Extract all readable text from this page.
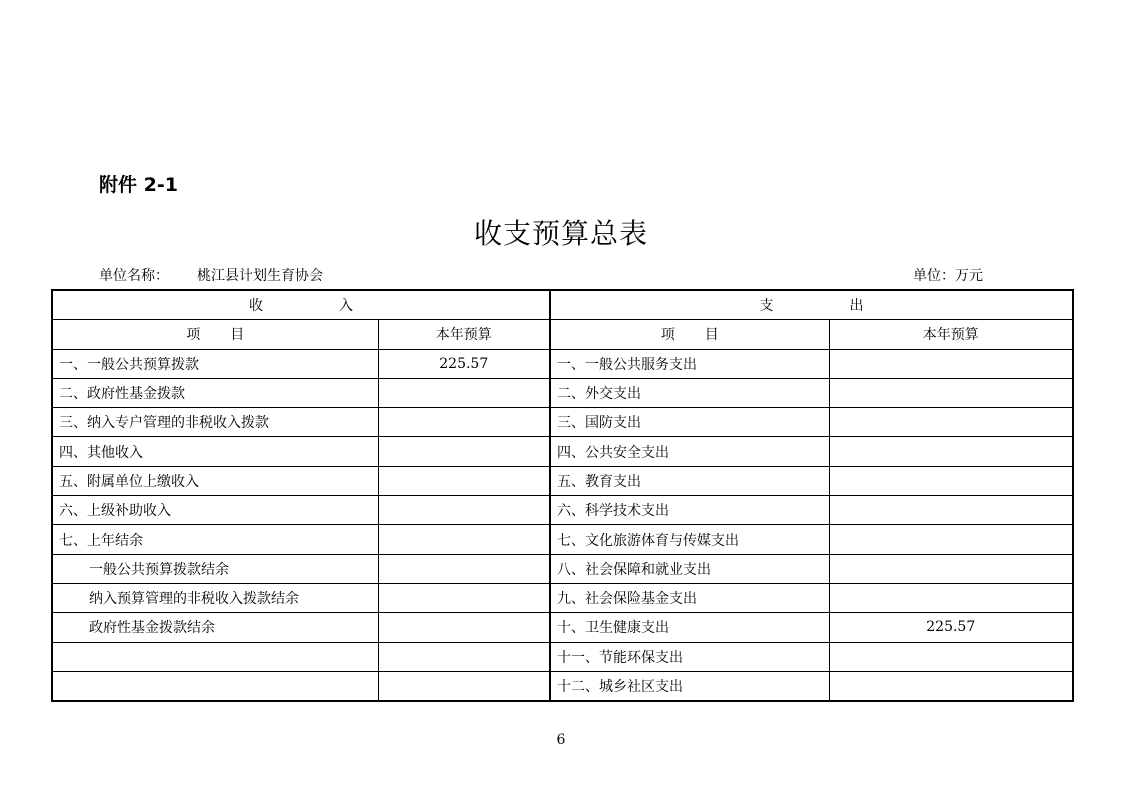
附件 2-1
收支预算总表
单位名称： 桃江县计划生育协会	单位：万元
收 入		支 出	
项 目	本年预算	项 目	本年预算
一、一般公共预算拨款	225.57	一、一般公共服务支出	
二、政府性基金拨款		二、外交支出	
三、纳入专户管理的非税收入拨款		三、国防支出	
四、其他收入		四、公共安全支出	
五、附属单位上缴收入		五、教育支出	
六、上级补助收入		六、科学技术支出	
七、上年结余		七、文化旅游体育与传媒支出	
一般公共预算拨款结余		八、社会保障和就业支出	
纳入预算管理的非税收入拨款结余		九、社会保险基金支出	
政府性基金拨款结余		十、卫生健康支出	225.57
		十一、节能环保支出	
		十二、城乡社区支出	
6
